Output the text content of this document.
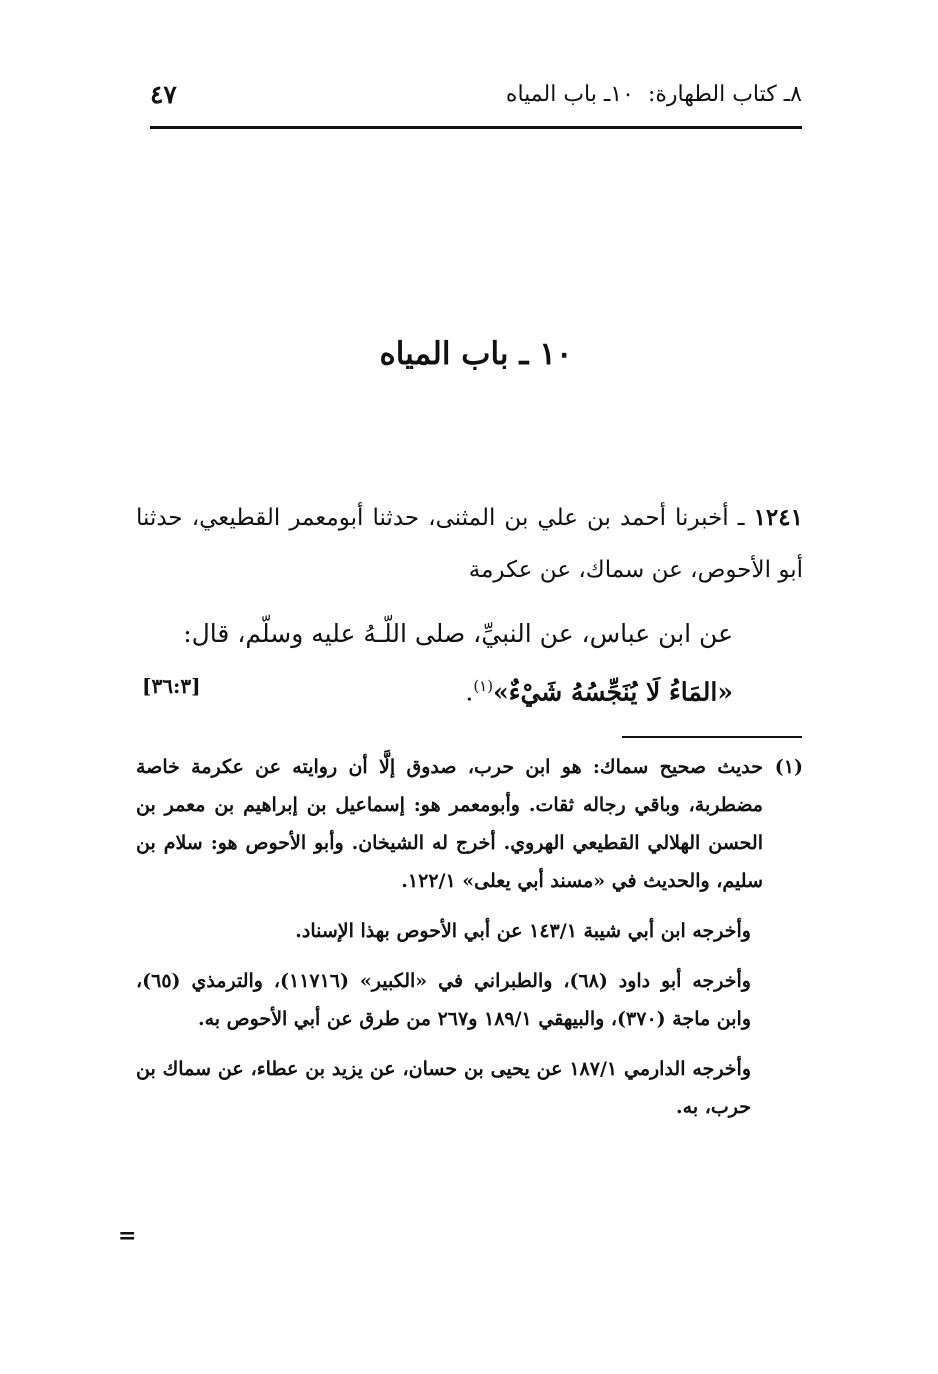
٨ـ كتاب الطهارة:
١٠ـ باب المياه
٤٧
١٠ ـ باب المياه

١٢٤١ ـ أخبرنا أحمد بن علي بن المثنى، حدثنا أبومعمر القطيعي، حدثنا أبو الأحوص، عن سماك، عن عكرمة

عن ابن عباس، عن النبيِّ، صلى اللّـهُ عليه وسلّم، قال:
«المَاءُ لَا يُنَجِّسُهُ شَيْءٌ»$^{(١)}$.
[٣٦:٣]

(١)
حديث صحيح سماك: هو ابن حرب، صدوق إلَّا أن روايته عن عكرمة خاصة مضطربة، وباقي رجاله ثقات. وأبومعمر هو: إسماعيل بن إبراهيم بن معمر بن الحسن الهلالي القطيعي الهروي. أخرج له الشيخان. وأبو الأحوص هو: سلام بن سليم، والحديث في «مسند أبي يعلى» ١٢٢/١.

وأخرجه ابن أبي شيبة ١٤٣/١ عن أبي الأحوص بهذا الإسناد.

وأخرجه أبو داود (٦٨)، والطبراني في «الكبير» (١١٧١٦)، والترمذي (٦٥)، وابن ماجة (٣٧٠)، والبيهقي ١٨٩/١ و٢٦٧ من طرق عن أبي الأحوص به.

وأخرجه الدارمي ١٨٧/١ عن يحيى بن حسان، عن يزيد بن عطاء، عن سماك بن حرب، به.

=
